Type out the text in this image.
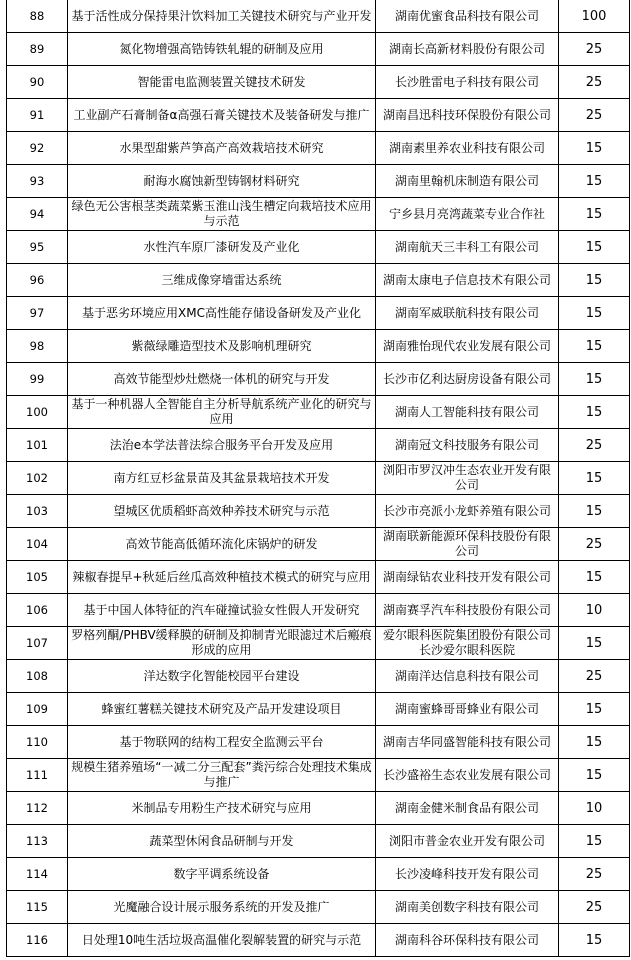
88	基于活性成分保持果汁饮料加工关键技术研究与产业开发	湖南优蜜食品科技有限公司	100
89	氮化物增强高锆铸铁轧辊的研制及应用	湖南长高新材料股份有限公司	25
90	智能雷电监测装置关键技术研发	长沙胜雷电子科技有限公司	25
91	工业副产石膏制备α高强石膏关键技术及装备研发与推广	湖南昌迅科技环保股份有限公司	25
92	水果型甜紫芦笋高产高效栽培技术研究	湖南素里养农业科技有限公司	15
93	耐海水腐蚀新型铸钢材料研究	湖南里翰机床制造有限公司	15
94	绿色无公害根茎类蔬菜紫玉淮山浅生槽定向栽培技术应用与示范	宁乡县月亮湾蔬菜专业合作社	15
95	水性汽车原厂漆研发及产业化	湖南航天三丰科工有限公司	15
96	三维成像穿墙雷达系统	湖南太康电子信息技术有限公司	15
97	基于恶劣环境应用XMC高性能存储设备研发及产业化	湖南军威联航科技有限公司	15
98	紫薇绿雕造型技术及影响机理研究	湖南雅怡现代农业发展有限公司	15
99	高效节能型炒灶燃烧一体机的研究与开发	长沙市亿利达厨房设备有限公司	15
100	基于一种机器人全智能自主分析导航系统产业化的研究与应用	湖南人工智能科技有限公司	15
101	法治e本学法普法综合服务平台开发及应用	湖南冠文科技服务有限公司	25
102	南方红豆杉盆景苗及其盆景栽培技术开发	浏阳市罗汉冲生态农业开发有限公司	15
103	望城区优质稻虾高效种养技术研究与示范	长沙市亮派小龙虾养殖有限公司	15
104	高效节能高低循环流化床锅炉的研发	湖南联新能源环保科技股份有限公司	25
105	辣椒春提早+秋延后丝瓜高效种植技术模式的研究与应用	湖南绿钻农业科技开发有限公司	15
106	基于中国人体特征的汽车碰撞试验女性假人开发研究	湖南赛孚汽车科技股份有限公司	10
107	罗格列酮/PHBV缓释膜的研制及抑制青光眼滤过术后瘢痕形成的应用	爱尔眼科医院集团股份有限公司长沙爱尔眼科医院	15
108	洋达数字化智能校园平台建设	湖南洋达信息科技有限公司	25
109	蜂蜜红薯糕关键技术研究及产品开发建设项目	湖南蜜蜂哥哥蜂业有限公司	15
110	基于物联网的结构工程安全监测云平台	湖南吉华同盛智能科技有限公司	15
111	规模生猪养殖场“一减二分三配套”粪污综合处理技术集成与推广	长沙盛裕生态农业发展有限公司	15
112	米制品专用粉生产技术研究与应用	湖南金健米制食品有限公司	10
113	蔬菜型休闲食品研制与开发	浏阳市普金农业开发有限公司	15
114	数字平调系统设备	长沙凌峰科技开发有限公司	25
115	光魔融合设计展示服务系统的开发及推广	湖南美创数字科技有限公司	25
116	日处理10吨生活垃圾高温催化裂解装置的研究与示范	湖南科谷环保科技有限公司	15
